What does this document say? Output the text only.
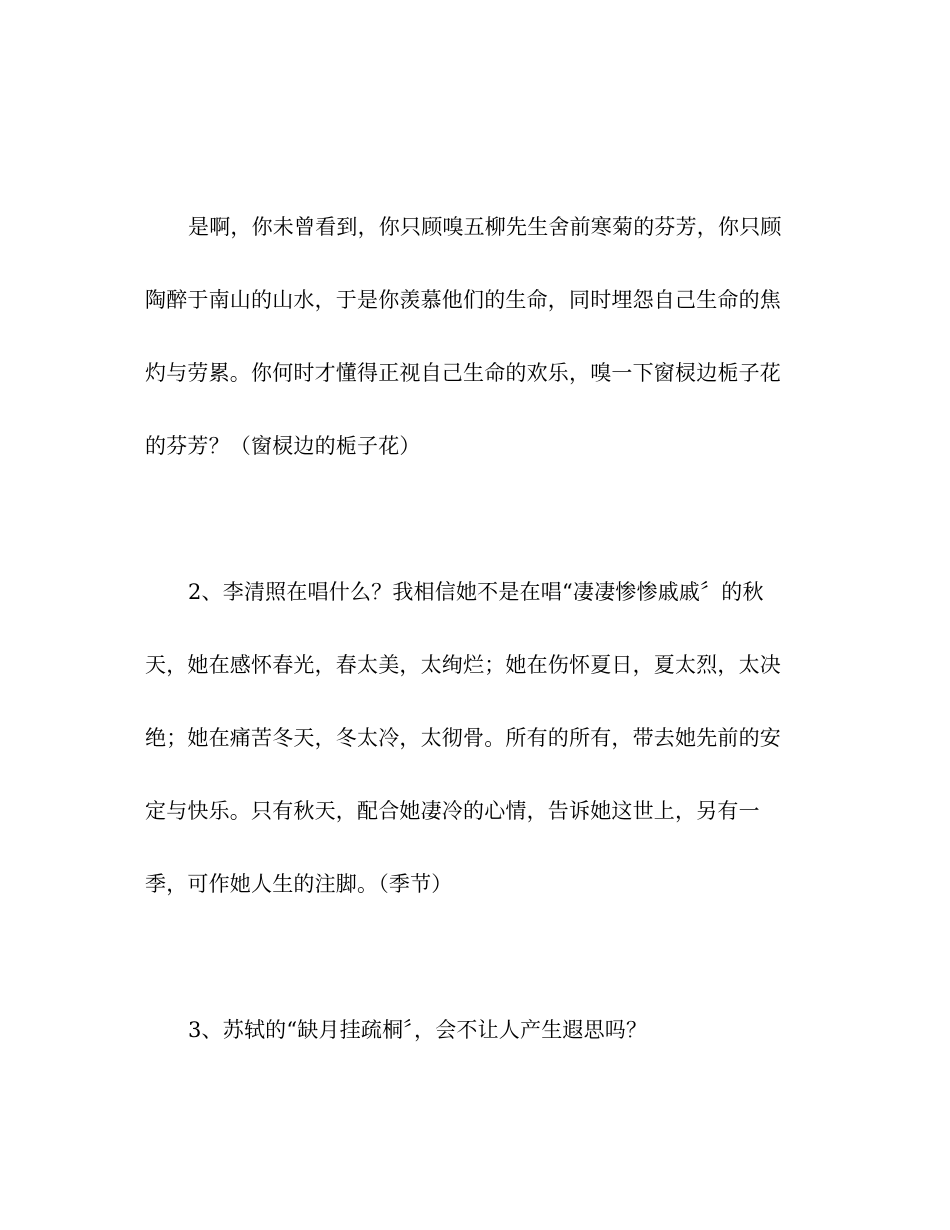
是啊，你未曾看到，你只顾嗅五柳先生舍前寒菊的芬芳，你只顾
陶醉于南山的山水，于是你羡慕他们的生命，同时埋怨自己生命的焦
灼与劳累。你何时才懂得正视自己生命的欢乐，嗅一下窗棂边栀子花
的芬芳？（窗棂边的栀子花）
2、李清照在唱什么？我相信她不是在唱“凄凄惨惨戚戚〞的秋
天，她在感怀春光，春太美，太绚烂；她在伤怀夏日，夏太烈，太决
绝；她在痛苦冬天，冬太冷，太彻骨。所有的所有，带去她先前的安
定与快乐。只有秋天，配合她凄冷的心情，告诉她这世上，另有一
季，可作她人生的注脚。（季节）
3、苏轼的“缺月挂疏桐〞，会不让人产生遐思吗？
